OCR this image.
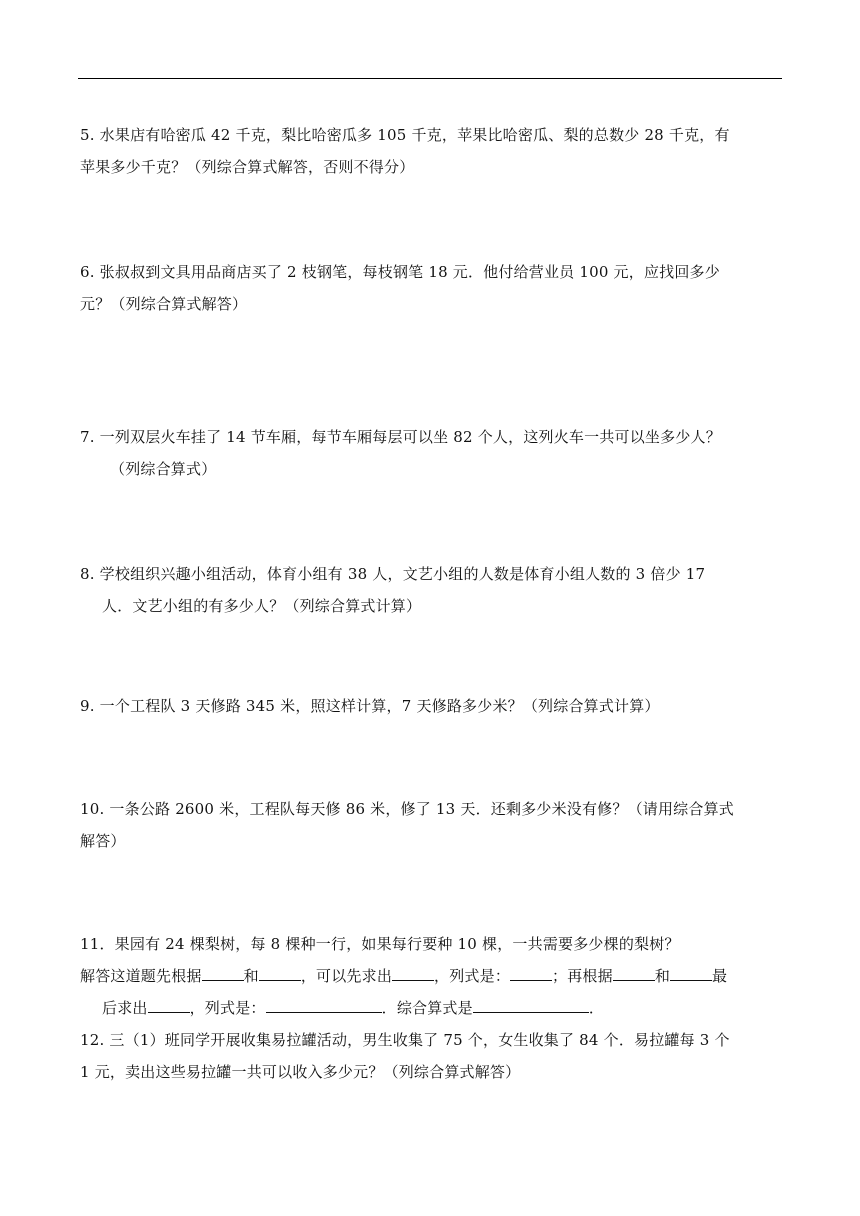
5. 水果店有哈密瓜 42 千克，梨比哈密瓜多 105 千克，苹果比哈密瓜、梨的总数少 28 千克，有
苹果多少千克？（列综合算式解答，否则不得分）
6. 张叔叔到文具用品商店买了 2 枝钢笔，每枝钢笔 18 元．他付给营业员 100 元，应找回多少
元？（列综合算式解答）
7. 一列双层火车挂了 14 节车厢，每节车厢每层可以坐 82 个人，这列火车一共可以坐多少人？
（列综合算式）
8. 学校组织兴趣小组活动，体育小组有 38 人，文艺小组的人数是体育小组人数的 3 倍少 17
人．文艺小组的有多少人？（列综合算式计算）
9. 一个工程队 3 天修路 345 米，照这样计算，7 天修路多少米？（列综合算式计算）
10. 一条公路 2600 米，工程队每天修 86 米，修了 13 天．还剩多少米没有修？（请用综合算式
解答）
11．果园有 24 棵梨树，每 8 棵种一行，如果每行要种 10 棵，一共需要多少棵的梨树？
解答这道题先根据	和	，可以先求出	，列式是：	；再根据	和	最
后求出	，列式是：	．综合算式是	．
12. 三（1）班同学开展收集易拉罐活动，男生收集了 75 个，女生收集了 84 个．易拉罐每 3 个
1 元，卖出这些易拉罐一共可以收入多少元？（列综合算式解答）
